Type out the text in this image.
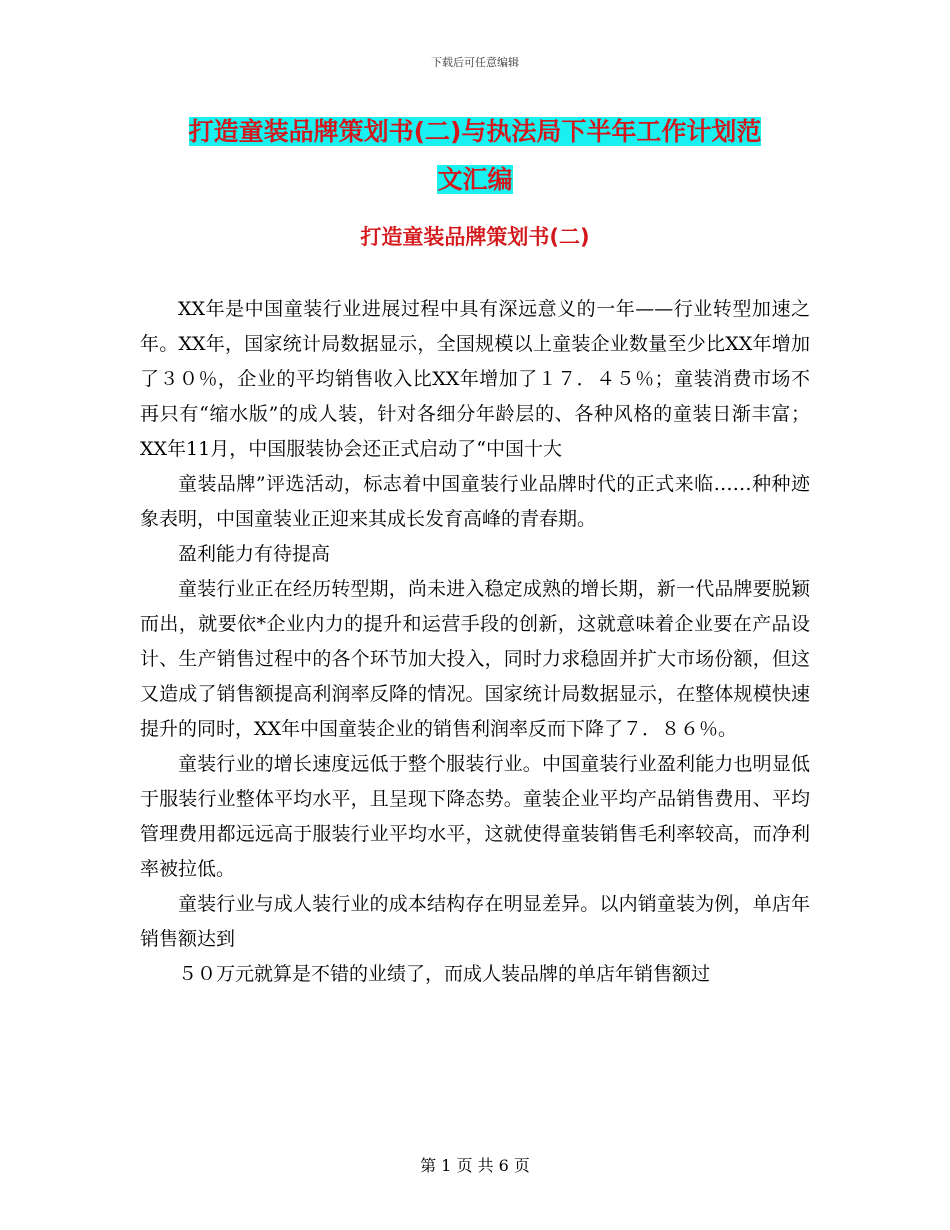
下载后可任意编辑
打造童装品牌策划书(二)与执法局下半年工作计划范
文汇编
打造童装品牌策划书(二)

XX年是中国童装行业进展过程中具有深远意义的一年——行业转型加速之年。XX年，国家统计局数据显示，全国规模以上童装企业数量至少比XX年增加了３０％，企业的平均销售收入比XX年增加了１７．４５％；童装消费市场不再只有“缩水版”的成人装，针对各细分年龄层的、各种风格的童装日渐丰富；XX年11月，中国服装协会还正式启动了“中国十大

童装品牌”评选活动，标志着中国童装行业品牌时代的正式来临……种种迹象表明，中国童装业正迎来其成长发育高峰的青春期。

盈利能力有待提高

童装行业正在经历转型期，尚未进入稳定成熟的增长期，新一代品牌要脱颖而出，就要依*企业内力的提升和运营手段的创新，这就意味着企业要在产品设计、生产销售过程中的各个环节加大投入，同时力求稳固并扩大市场份额，但这又造成了销售额提高利润率反降的情况。国家统计局数据显示，在整体规模快速提升的同时，XX年中国童装企业的销售利润率反而下降了７．８６％。

童装行业的增长速度远低于整个服装行业。中国童装行业盈利能力也明显低于服装行业整体平均水平，且呈现下降态势。童装企业平均产品销售费用、平均管理费用都远远高于服装行业平均水平，这就使得童装销售毛利率较高，而净利率被拉低。

童装行业与成人装行业的成本结构存在明显差异。以内销童装为例，单店年销售额达到

５０万元就算是不错的业绩了，而成人装品牌的单店年销售额过

第 1 页 共 6 页
